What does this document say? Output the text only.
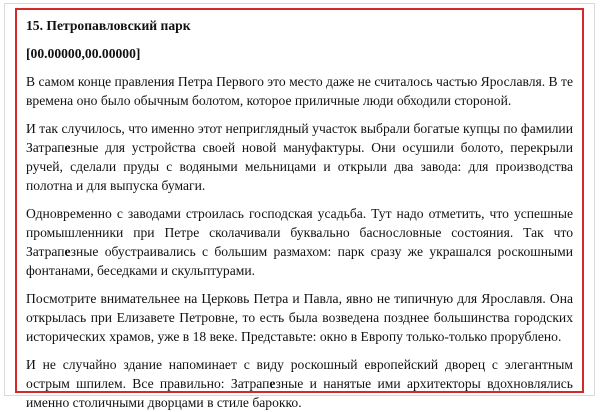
15. Петропавловский парк

[00.00000,00.00000]

В самом конце правления Петра Первого это место даже не считалось частью Ярославля. В те времена оно было обычным болотом, которое приличные люди обходили стороной.

И так случилось, что именно этот неприглядный участок выбрали богатые купцы по фамилии Затрапезные для устройства своей новой мануфактуры. Они осушили болото, перекрыли ручей, сделали пруды с водяными мельницами и открыли два завода: для производства полотна и для выпуска бумаги.

Одновременно с заводами строилась господская усадьба. Тут надо отметить, что успешные промышленники при Петре сколачивали буквально баснословные состояния. Так что Затрапезные обустраивались с большим размахом: парк сразу же украшался роскошными фонтанами, беседками и скульптурами.

Посмотрите внимательнее на Церковь Петра и Павла, явно не типичную для Ярославля. Она открылась при Елизавете Петровне, то есть была возведена позднее большинства городских исторических храмов, уже в 18 веке. Представьте: окно в Европу только-только прорублено.

И не случайно здание напоминает с виду роскошный европейский дворец с элегантным острым шпилем. Все правильно: Затрапезные и нанятые ими архитекторы вдохновлялись именно столичными дворцами в стиле барокко.
